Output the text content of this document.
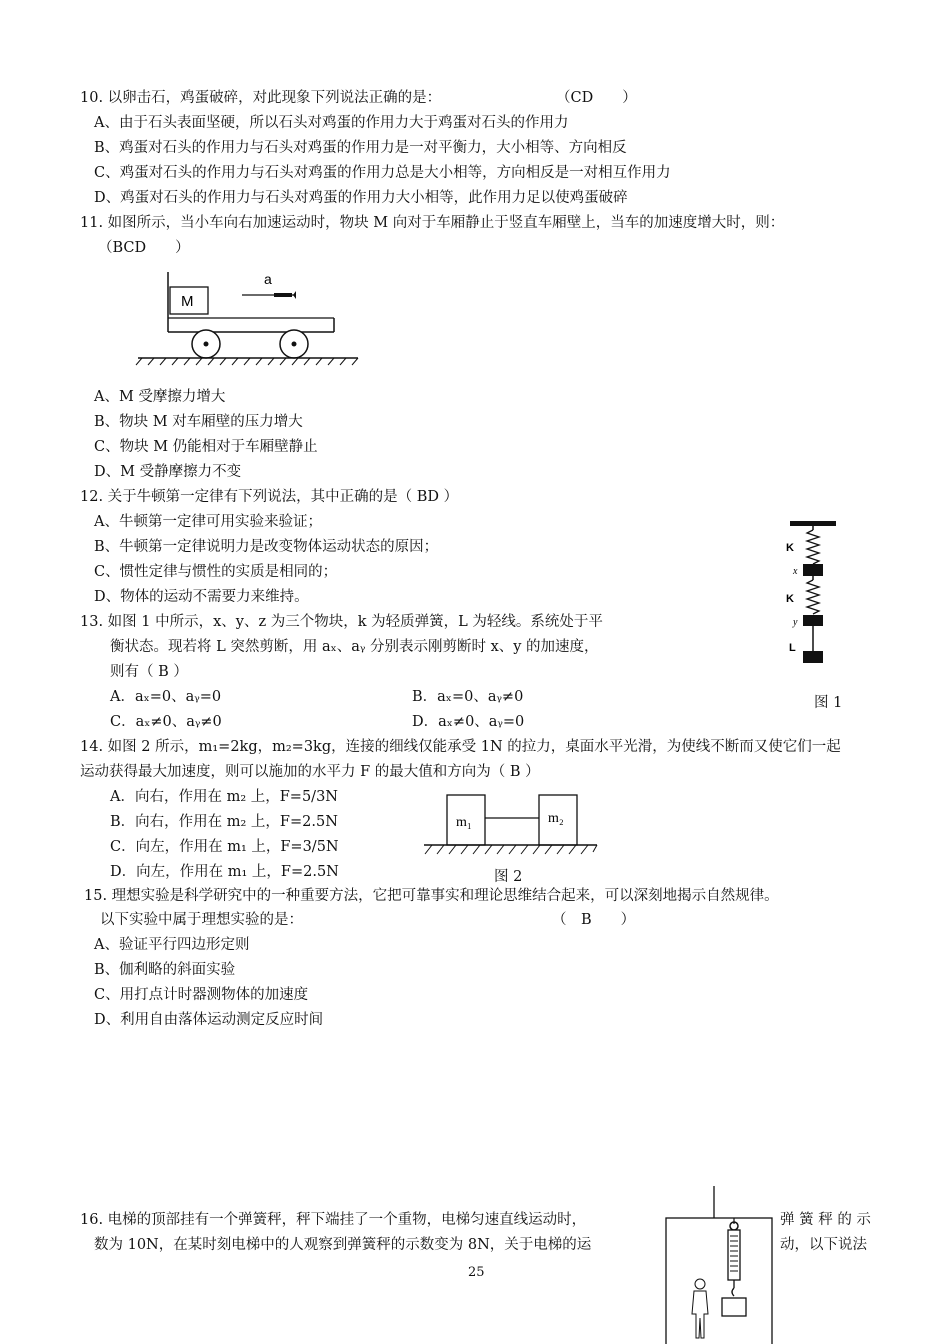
10. 以卵击石，鸡蛋破碎，对此现象下列说法正确的是：	（CD　　）
A、由于石头表面坚硬，所以石头对鸡蛋的作用力大于鸡蛋对石头的作用力
B、鸡蛋对石头的作用力与石头对鸡蛋的作用力是一对平衡力，大小相等、方向相反
C、鸡蛋对石头的作用力与石头对鸡蛋的作用力总是大小相等，方向相反是一对相互作用力
D、鸡蛋对石头的作用力与石头对鸡蛋的作用力大小相等，此作用力足以使鸡蛋破碎
11. 如图所示，当小车向右加速运动时，物块 M 向对于车厢静止于竖直车厢壁上，当车的加速度增大时，则：
（BCD　　）
M
a
A、M 受摩擦力增大
B、物块 M 对车厢壁的压力增大
C、物块 M 仍能相对于车厢壁静止
D、M 受静摩擦力不变
12. 关于牛顿第一定律有下列说法，其中正确的是（ BD ）
A、牛顿第一定律可用实验来验证；
B、牛顿第一定律说明力是改变物体运动状态的原因；
C、惯性定律与惯性的实质是相同的；
D、物体的运动不需要力来维持。
K
x
K
y
L
图 1
13. 如图 1 中所示，x、y、z 为三个物块，k 为轻质弹簧，L 为轻线。系统处于平
衡状态。现若将 L 突然剪断，用 aₓ、aᵧ 分别表示刚剪断时 x、y 的加速度，
则有（ B ）
A．aₓ=0、aᵧ=0	B．aₓ=0、aᵧ≠0
C．aₓ≠0、aᵧ≠0	D．aₓ≠0、aᵧ=0
14. 如图 2 所示，m₁=2kg，m₂=3kg，连接的细线仅能承受 1N 的拉力，桌面水平光滑，为使线不断而又使它们一起
运动获得最大加速度，则可以施加的水平力 F 的最大值和方向为（ B ）
A．向右，作用在 m₂ 上，F=5/3N
B．向右，作用在 m₂ 上，F=2.5N
C．向左，作用在 m₁ 上，F=3/5N
D．向左，作用在 m₁ 上，F=2.5N
m₁	m₂
图 2
15. 理想实验是科学研究中的一种重要方法，它把可靠事实和理论思维结合起来，可以深刻地揭示自然规律。
以下实验中属于理想实验的是：	（　B　　）
A、验证平行四边形定则
B、伽利略的斜面实验
C、用打点计时器测物体的加速度
D、利用自由落体运动测定反应时间
16. 电梯的顶部挂有一个弹簧秤，秤下端挂了一个重物，电梯匀速直线运动时，	弹 簧 秤 的 示
数为 10N，在某时刻电梯中的人观察到弹簧秤的示数变为 8N，关于电梯的运	动，以下说法
25
